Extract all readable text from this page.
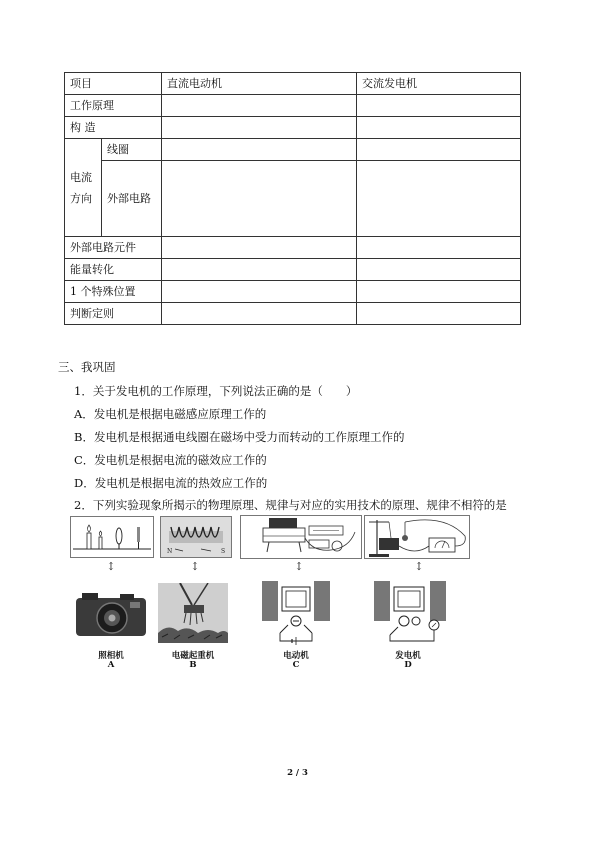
项目		直流电动机	交流发电机
工作原理			
构 造			
电流方向	线圈		
	外部电路		
外部电路元件			
能量转化			
1 个特殊位置			
判断定则			
三、我巩固
1．关于发电机的工作原理，下列说法正确的是（　　）
A．发电机是根据电磁感应原理工作的
B．发电机是根据通电线圈在磁场中受力而转动的工作原理工作的
C．发电机是根据电流的磁效应工作的
D．发电机是根据电流的热效应工作的
2．下列实验现象所揭示的物理原理、规律与对应的实用技术的原理、规律不相符的是
↕
照相机
A
N	S
↕
电磁起重机
B
↕
电动机
C
↕
发电机
D
2 / 3
